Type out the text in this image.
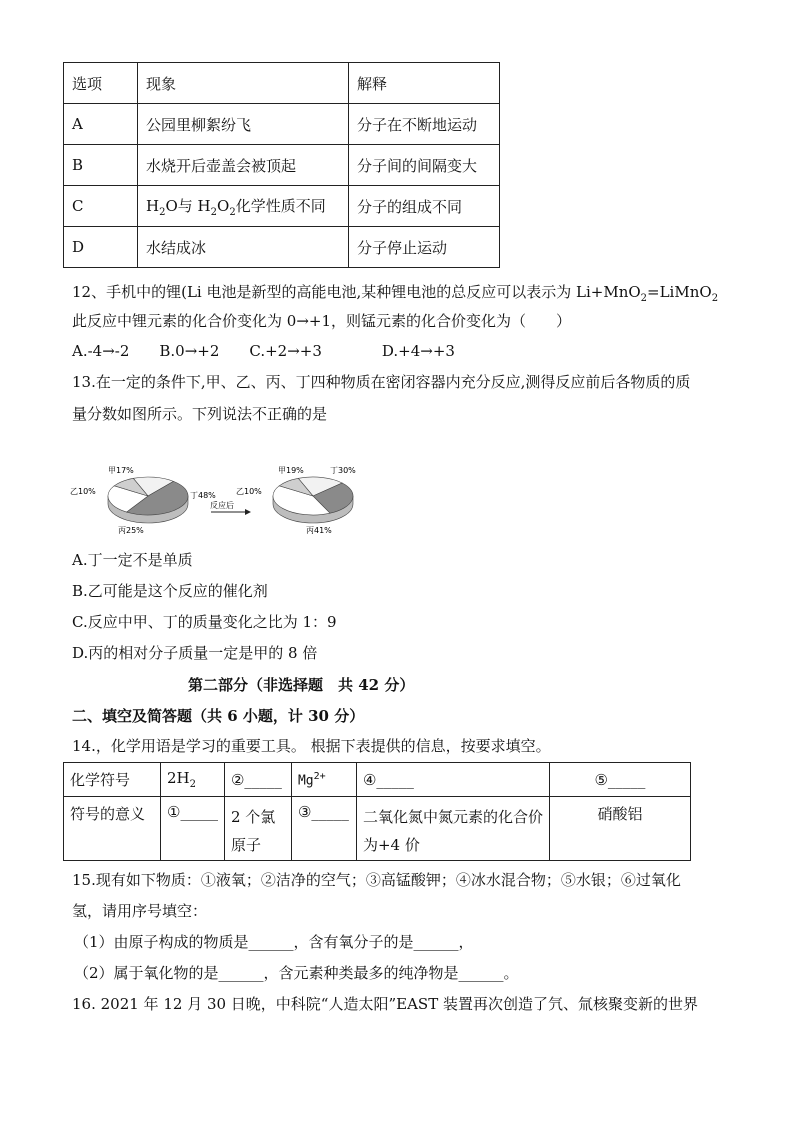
选项	现象	解释
A	公园里柳絮纷飞	分子在不断地运动
B	水烧开后壶盖会被顶起	分子间的间隔变大
C	$H_2O$与 $H_2O_2$化学性质不同	分子的组成不同
D	水结成冰	分子停止运动
12、手机中的锂(Li 电池是新型的高能电池,某种锂电池的总反应可以表示为 Li+MnO$_2$=LiMnO$_2$
此反应中锂元素的化合价变化为 0→+1，则锰元素的化合价变化为（　　）
A.-4→-2　　B.0→+2　　C.+2→+3　　　　D.+4→+3
13.在一定的条件下,甲、乙、丙、丁四种物质在密闭容器内充分反应,测得反应前后各物质的质
量分数如图所示。下列说法不正确的是
甲17%
乙10%
丙25%
丁48%
甲19%
乙10%
丙41%
丁30%
反应后
A.丁一定不是单质
B.乙可能是这个反应的催化剂
C.反应中甲、丁的质量变化之比为 1：9
D.丙的相对分子质量一定是甲的 8 倍
第二部分（非选择题　共 42 分）
二、填空及简答题（共 6 小题，计 30 分）
14.，化学用语是学习的重要工具。 根据下表提供的信息，按要求填空。
化学符号	$2H_2$	②_____	$Mg^{2+}$	④_____	⑤_____
符号的意义	①_____	2 个氯原子	③_____	二氧化氮中氮元素的化合价为+4 价	硝酸铝
15.现有如下物质：①液氧；②洁净的空气；③高锰酸钾；④冰水混合物；⑤水银；⑥过氧化
氢，请用序号填空：
（1）由原子构成的物质是______，含有氧分子的是______，
（2）属于氧化物的是______，含元素种类最多的纯净物是______。
16. 2021 年 12 月 30 日晚，中科院“人造太阳”EAST 装置再次创造了氕、氚核聚变新的世界
